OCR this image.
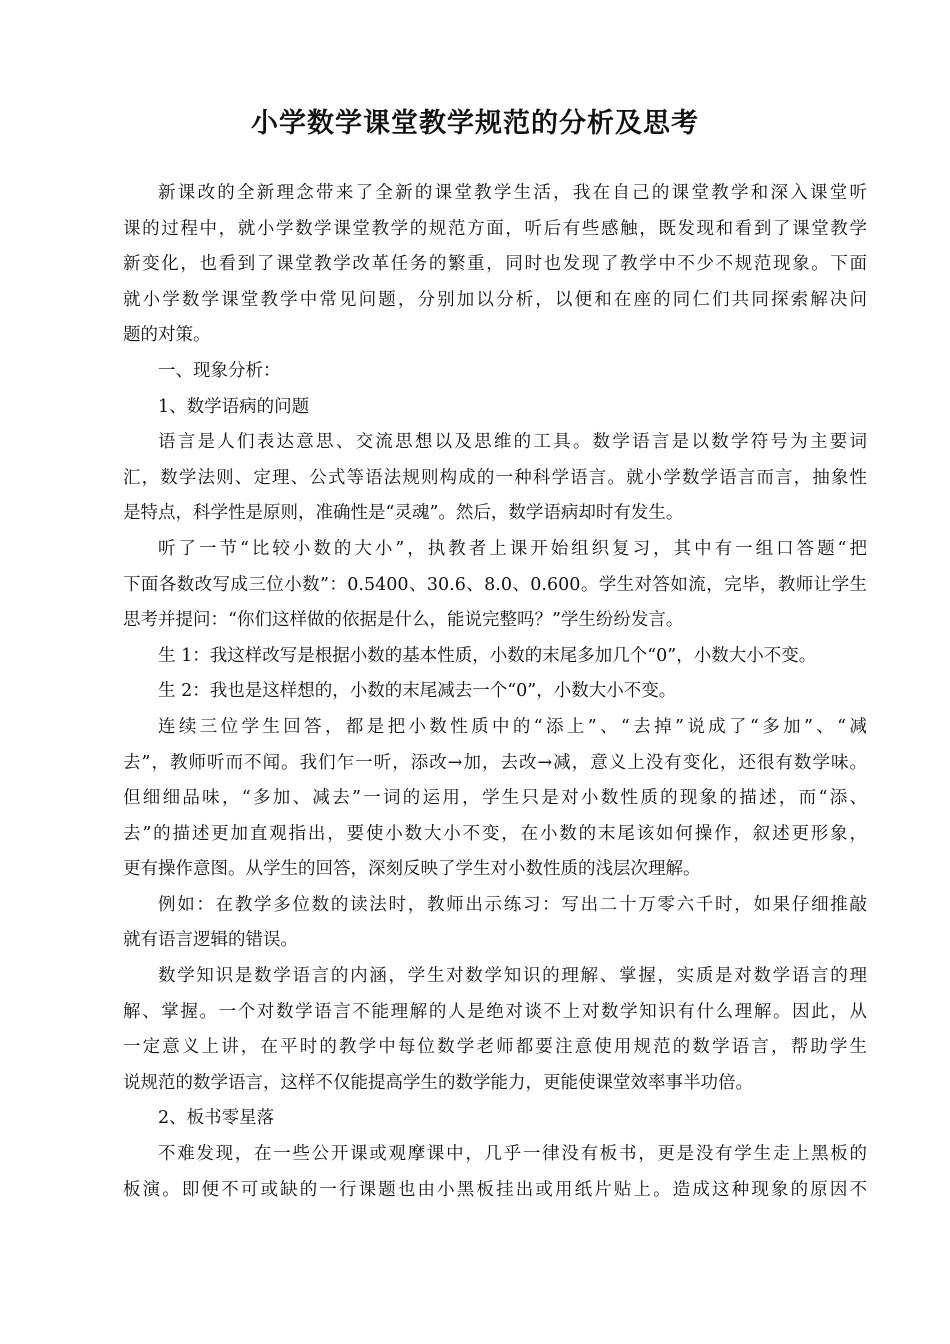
小学数学课堂教学规范的分析及思考
新课改的全新理念带来了全新的课堂教学生活，我在自己的课堂教学和深入课堂听
课的过程中，就小学数学课堂教学的规范方面，听后有些感触，既发现和看到了课堂教学
新变化，也看到了课堂教学改革任务的繁重，同时也发现了教学中不少不规范现象。下面
就小学数学课堂教学中常见问题，分别加以分析，以便和在座的同仁们共同探索解决问
题的对策。
一、现象分析：
1、数学语病的问题
语言是人们表达意思、交流思想以及思维的工具。数学语言是以数学符号为主要词
汇，数学法则、定理、公式等语法规则构成的一种科学语言。就小学数学语言而言，抽象性
是特点，科学性是原则，准确性是“灵魂”。然后，数学语病却时有发生。
听了一节“比较小数的大小”，执教者上课开始组织复习，其中有一组口答题“把
下面各数改写成三位小数”：0.5400、30.6、8.0、0.600。学生对答如流，完毕，教师让学生
思考并提问：“你们这样做的依据是什么，能说完整吗？”学生纷纷发言。
生 1：我这样改写是根据小数的基本性质，小数的末尾多加几个“0”，小数大小不变。
生 2：我也是这样想的，小数的末尾减去一个“0”，小数大小不变。
连续三位学生回答，都是把小数性质中的“添上”、“去掉”说成了“多加”、“减
去”，教师听而不闻。我们乍一听，添改→加，去改→减，意义上没有变化，还很有数学味。
但细细品味，“多加、减去”一词的运用，学生只是对小数性质的现象的描述，而“添、
去”的描述更加直观指出，要使小数大小不变，在小数的末尾该如何操作，叙述更形象，
更有操作意图。从学生的回答，深刻反映了学生对小数性质的浅层次理解。
例如：在教学多位数的读法时，教师出示练习：写出二十万零六千时，如果仔细推敲
就有语言逻辑的错误。
数学知识是数学语言的内涵，学生对数学知识的理解、掌握，实质是对数学语言的理
解、掌握。一个对数学语言不能理解的人是绝对谈不上对数学知识有什么理解。因此，从
一定意义上讲，在平时的教学中每位数学老师都要注意使用规范的数学语言，帮助学生
说规范的数学语言，这样不仅能提高学生的数学能力，更能使课堂效率事半功倍。
2、板书零星落
不难发现，在一些公开课或观摩课中，几乎一律没有板书，更是没有学生走上黑板的
板演。即便不可或缺的一行课题也由小黑板挂出或用纸片贴上。造成这种现象的原因不
